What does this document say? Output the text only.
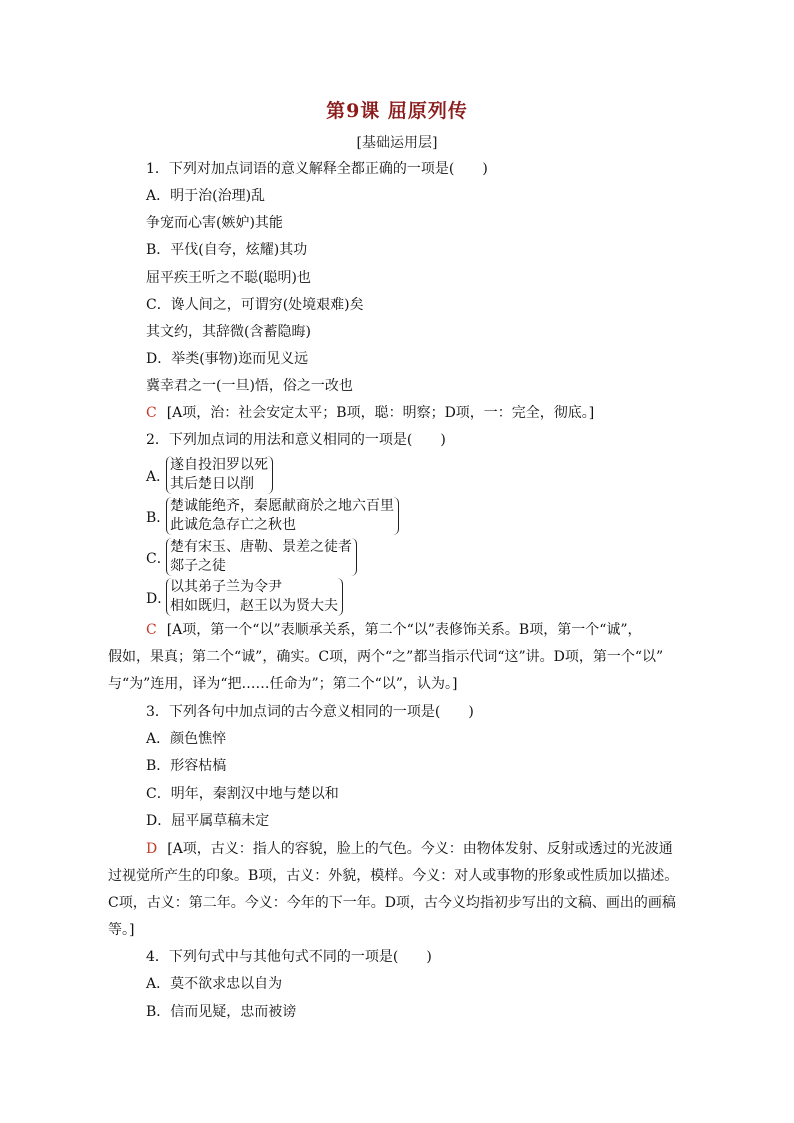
第9课 屈原列传
[基础运用层]
1．下列对加点词语的意义解释全都正确的一项是(　　)
A．明于治(治理)乱
争宠而心害(嫉妒)其能
B．平伐(自夸，炫耀)其功
屈平疾王听之不聪(聪明)也
C．谗人间之，可谓穷(处境艰难)矣
其文约，其辞微(含蓄隐晦)
D．举类(事物)迩而见义远
冀幸君之一(一旦)悟，俗之一改也
C [A项，治：社会安定太平；B项，聪：明察；D项，一：完全，彻底。]
2．下列加点词的用法和意义相同的一项是(　　)
A．
遂自投汨罗以死
其后楚日以削
B．
楚诚能绝齐，秦愿献商於之地六百里
此诚危急存亡之秋也
C．
楚有宋玉、唐勒、景差之徒者
郯子之徒
D．
以其弟子兰为令尹
相如既归，赵王以为贤大夫
C [A项，第一个“以”表顺承关系，第二个“以”表修饰关系。B项，第一个“诚”，
假如，果真；第二个“诚”，确实。C项，两个“之”都当指示代词“这”讲。D项，第一个“以”
与“为”连用，译为“把……任命为”；第二个“以”，认为。]
3．下列各句中加点词的古今意义相同的一项是(　　)
A．颜色憔悴
B．形容枯槁
C．明年，秦割汉中地与楚以和
D．屈平属草稿未定
D [A项，古义：指人的容貌，脸上的气色。今义：由物体发射、反射或透过的光波通
过视觉所产生的印象。B项，古义：外貌，模样。今义：对人或事物的形象或性质加以描述。
C项，古义：第二年。今义：今年的下一年。D项，古今义均指初步写出的文稿、画出的画稿
等。]
4．下列句式中与其他句式不同的一项是(　　)
A．莫不欲求忠以自为
B．信而见疑，忠而被谤
